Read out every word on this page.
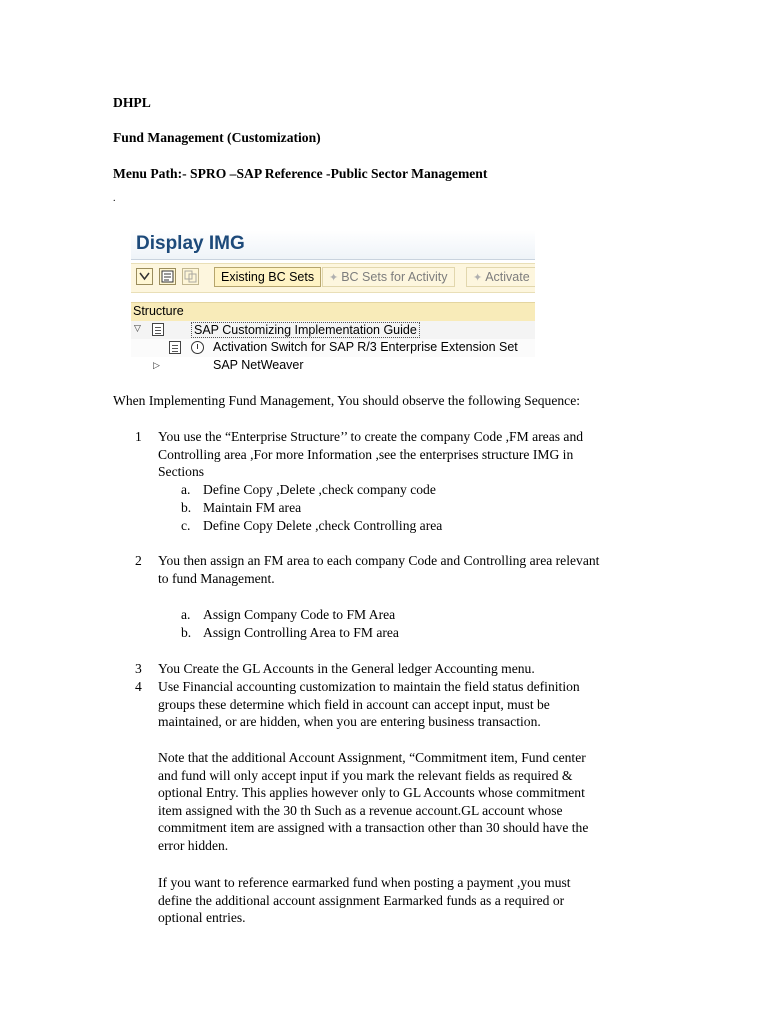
DHPL
Fund Management (Customization)
Menu Path:- SPRO –SAP Reference -Public Sector Management
.
Display IMG
Existing BC Sets	✦ BC Sets for Activity	✦ Activate
Structure
▽	SAP Customizing Implementation Guide
Activation Switch for SAP R/3 Enterprise Extension Set
▷	SAP NetWeaver
When Implementing Fund Management, You should observe the following Sequence:
1 You use the “Enterprise Structure’’ to create the company Code ,FM areas and
Controlling area ,For more Information ,see the enterprises structure IMG in
Sections
a. Define Copy ,Delete ,check company code
b. Maintain FM area
c. Define Copy Delete ,check Controlling area
2 You then assign an FM area to each company Code and Controlling area relevant
to fund Management.
a. Assign Company Code to FM Area
b. Assign Controlling Area to FM area
3 You Create the GL Accounts in the General ledger Accounting menu.
4 Use Financial accounting customization to maintain the field status definition
groups these determine which field in account can accept input, must be
maintained, or are hidden, when you are entering business transaction.
Note that the additional Account Assignment, “Commitment item, Fund center
and fund will only accept input if you mark the relevant fields as required &
optional Entry. This applies however only to GL Accounts whose commitment
item assigned with the 30 th Such as a revenue account.GL account whose
commitment item are assigned with a transaction other than 30 should have the
error hidden.
If you want to reference earmarked fund when posting a payment ,you must
define the additional account assignment Earmarked funds as a required or
optional entries.
